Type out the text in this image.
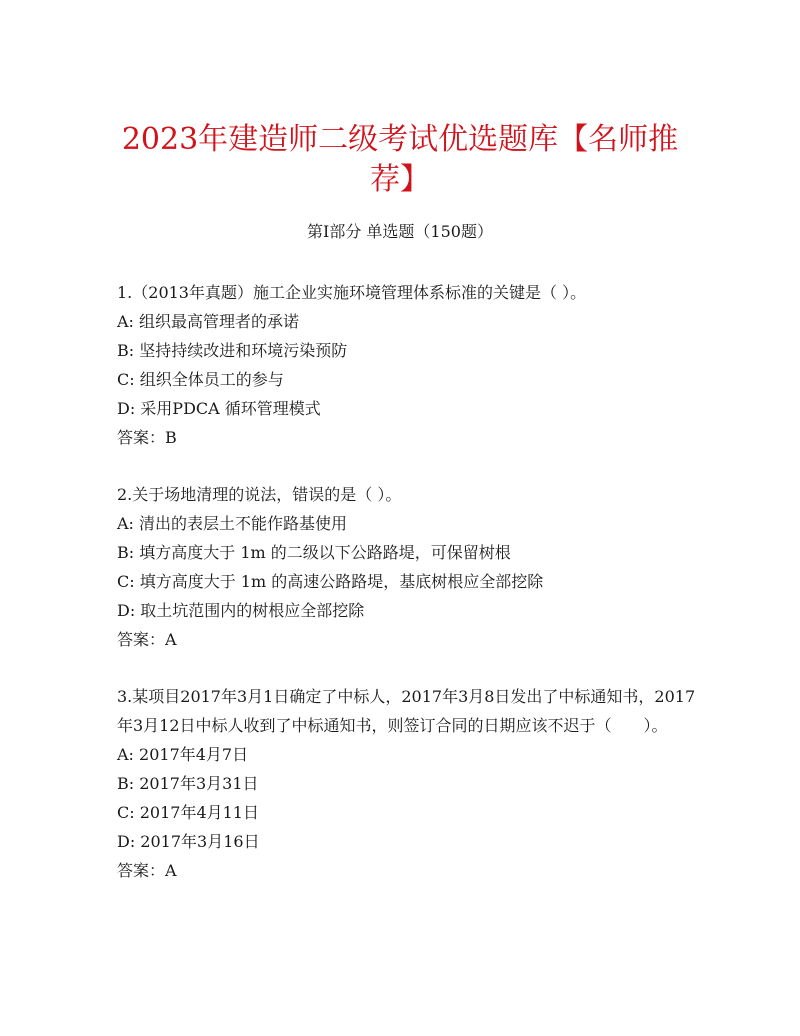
2023年建造师二级考试优选题库【名师推荐】
第I部分 单选题（150题）

1.（2013年真题）施工企业实施环境管理体系标准的关键是（ ）。

A: 组织最高管理者的承诺

B: 坚持持续改进和环境污染预防

C: 组织全体员工的参与

D: 采用PDCA 循环管理模式

答案：B

2.关于场地清理的说法，错误的是（ ）。

A: 清出的表层土不能作路基使用

B: 填方高度大于 1m 的二级以下公路路堤，可保留树根

C: 填方高度大于 1m 的高速公路路堤，基底树根应全部挖除

D: 取土坑范围内的树根应全部挖除

答案：A

3.某项目2017年3月1日确定了中标人，2017年3月8日发出了中标通知书，2017年3月12日中标人收到了中标通知书，则签订合同的日期应该不迟于（　　）。

A: 2017年4月7日

B: 2017年3月31日

C: 2017年4月11日

D: 2017年3月16日

答案：A
